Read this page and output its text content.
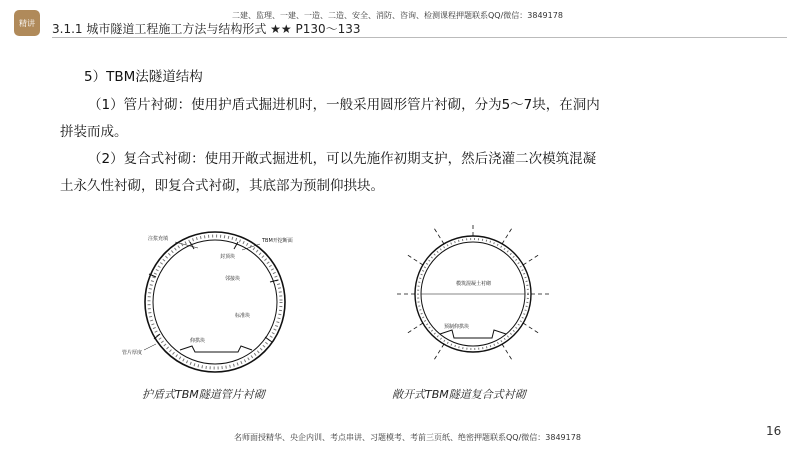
精讲
二建、监理、一建、一造、二造、安全、消防、咨询、检测课程押题联系QQ/微信：3849178
3.1.1 城市隧道工程施工方法与结构形式 ★★ P130～133
5）TBM法隧道结构
（1）管片衬砌：使用护盾式掘进机时，一般采用圆形管片衬砌，分为5～7块，在洞内拼装而成。
（2）复合式衬砌：使用开敞式掘进机，可以先施作初期支护，然后浇灌二次模筑混凝土永久性衬砌，即复合式衬砌，其底部为预制仰拱块。
注浆充填	TBM开挖断面
封顶块
邻接块
标准块
仰拱块
管片厚度
护盾式TBM隧道管片衬砌
模筑混凝土衬砌
预制仰拱块
敞开式TBM隧道复合式衬砌
名师面授精华、央企内训、考点串讲、习题模考、考前三页纸、绝密押题联系QQ/微信：3849178	16
